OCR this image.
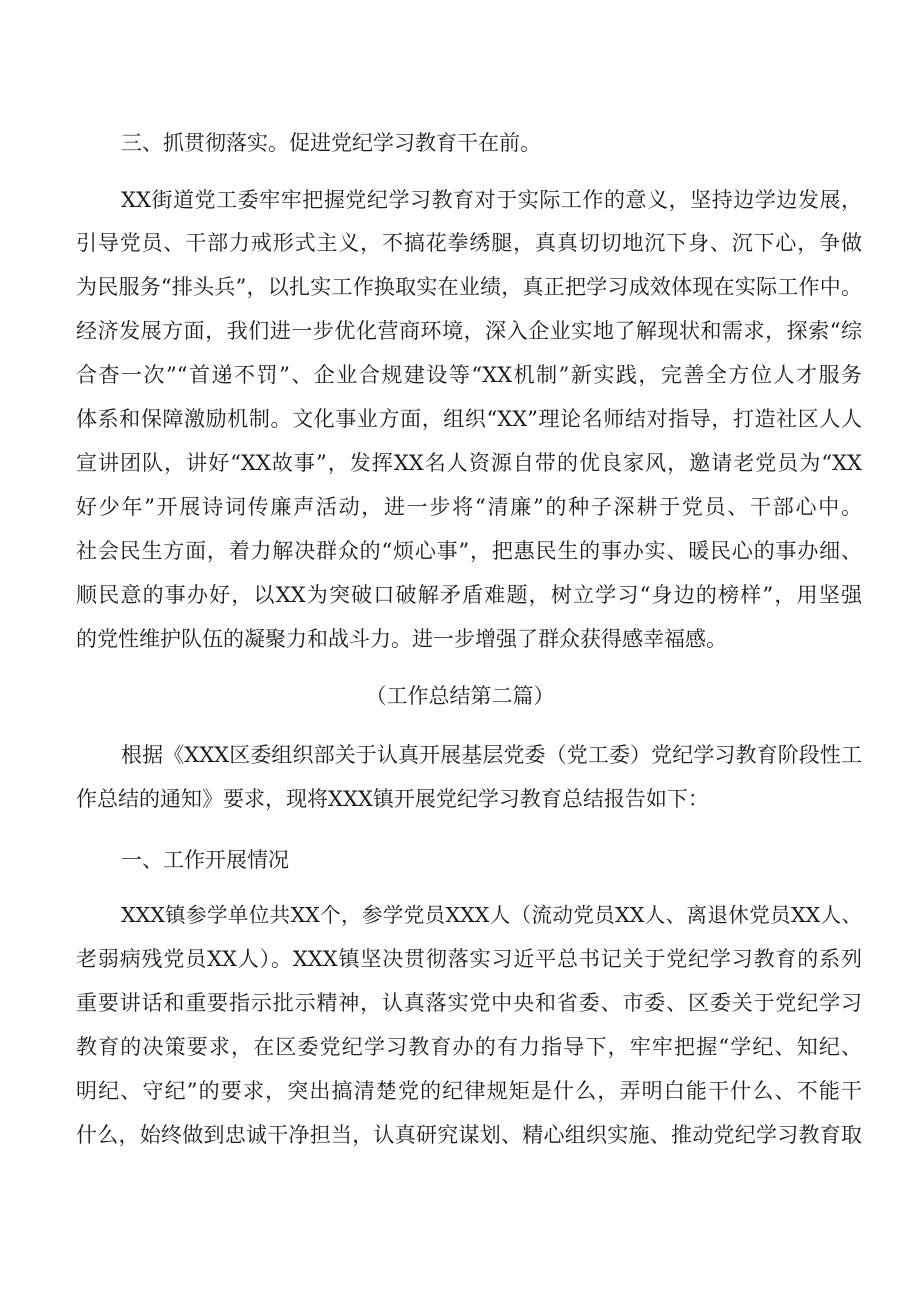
三、抓贯彻落实。促进党纪学习教育干在前。
XX街道党工委牢牢把握党纪学习教育对于实际工作的意义，坚持边学边发展，
引导党员、干部力戒形式主义，不搞花拳绣腿，真真切切地沉下身、沉下心，争做
为民服务“排头兵”，以扎实工作换取实在业绩，真正把学习成效体现在实际工作中。
经济发展方面，我们进一步优化营商环境，深入企业实地了解现状和需求，探索“综
合杳一次”“首递不罚”、企业合规建设等“XX机制”新实践，完善全方位人才服务
体系和保障激励机制。文化事业方面，组织“XX”理论名师结对指导，打造社区人人
宣讲团队，讲好“XX故事”，发挥XX名人资源自带的优良家风，邀请老党员为“XX
好少年”开展诗词传廉声活动，进一步将“清廉”的种子深耕于党员、干部心中。
社会民生方面，着力解决群众的“烦心事”，把惠民生的事办实、暖民心的事办细、
顺民意的事办好，以XX为突破口破解矛盾难题，树立学习“身边的榜样”，用坚强
的党性维护队伍的凝聚力和战斗力。进一步增强了群众获得感幸福感。
（工作总结第二篇）
根据《XXX区委组织部关于认真开展基层党委（党工委）党纪学习教育阶段性工
作总结的通知》要求，现将XXX镇开展党纪学习教育总结报告如下：
一、工作开展情况
XXX镇参学单位共XX个，参学党员XXX人（流动党员XX人、离退休党员XX人、
老弱病残党员XX人）。XXX镇坚决贯彻落实习近平总书记关于党纪学习教育的系列
重要讲话和重要指示批示精神，认真落实党中央和省委、市委、区委关于党纪学习
教育的决策要求，在区委党纪学习教育办的有力指导下，牢牢把握“学纪、知纪、
明纪、守纪”的要求，突出搞清楚党的纪律规矩是什么，弄明白能干什么、不能干
什么，始终做到忠诚干净担当，认真研究谋划、精心组织实施、推动党纪学习教育取
